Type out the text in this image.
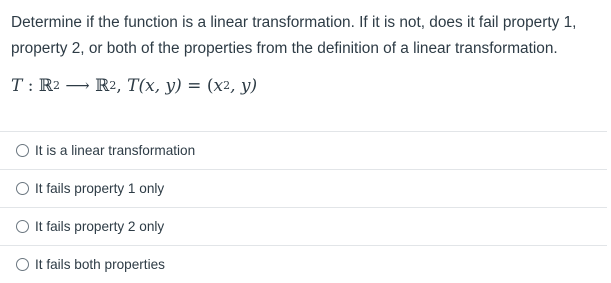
Determine if the function is a linear transformation. If it is not, does it fail property 1, property 2, or both of the properties from the definition of a linear transformation.

T : ℝ$^2$ ⟶ ℝ$^2$, T(x, $y) = (x^2$, y)
It is a linear transformation
It fails property 1 only
It fails property 2 only
It fails both properties
